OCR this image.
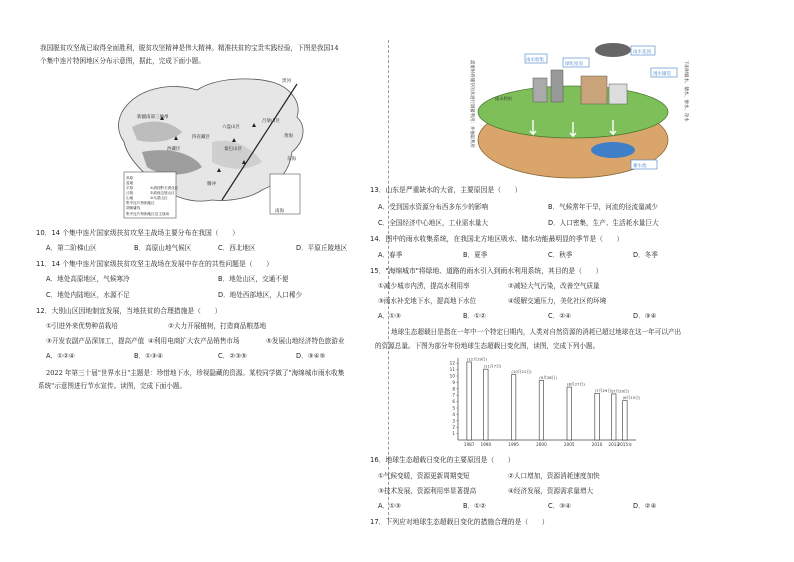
我国脱贫攻坚战已取得全面胜利，脱贫攻坚精神是伟大精神。精准扶贫的宝贵实践经验，下图是我国14
个集中连片特困地区分布示意图，据此，完成下面小题。
新疆南部三地州
西藏区
四省藏区
六盘山区
秦巴山区
吕梁山区
黑河
腾冲
黄海
东海
南海
高原
盆地
平原
丘陵
山地
集中连片特困地区
胡焕庸线
集中连片特困地区及主战场
①滇桂黔石漠化区
②滇西边境山区
③乌蒙山区
10．14 个集中连片国家级扶贫攻坚主战场主要分布在我国（　　）
A．第二阶梯山区	B．高原山地气候区	C．西北地区	D．平原丘陵地区
11．14 个集中连片国家级扶贫攻坚主战场在发展中存在的共性问题是（　　）
A．地处高原地区，气候寒冷	B．地处山区，交通不便
C．地处内陆地区，水源不足	D．地处西部地区，人口稀少
12．大别山区因地制宜发展，当地扶贫的合理措施是（　　）
①引进外来优势种苗栽培	②大力开展植树，打造商品粮基地
③开发农副产品深加工，提高产值 ④利用电商扩大农产品销售市场	⑤发展山地经济特色旅游业
A．①②④	B．①③④	C．②③⑤	D．③④⑤
2022 年第三十届"世界水日"主题是：珍惜地下水，珍视隐藏的资源。某校同学做了"海绵城市雨水收集
系统"示意图进行节水宣传。读图，完成下面小题。
雨水收集
绿化屋顶
透水铺装
雨水花园
蓄水池
雨水利用
需要时将储存的水进行调蓄利用：井抽取利用	下雨时吸水、储水、渗水、净水
13．山东是严重缺水的大省，主要原因是（　　）
A．受到国水资源分布西多东少的影响	B．气候常年干旱，河流的径流量减少
C．全国经济中心地区，工业需水量大	D．人口密集，生产、生活耗水量巨大
14．图中的雨水收集系统，在我国北方地区吸水、储水功能最明显的季节是（　　）
A．春季	B．夏季	C．秋季	D．冬季
15．"海绵城市"将绿地、道路的雨水引入到雨水利用系统，其目的是（　　）
①减少城市内涝，提高水利用率	②减轻大气污染，改善空气质量
③雨水补充地下水，提高地下水位	④缓解交通压力，美化社区的环境
A．①③	B．①②	C．②④	D．③④
地球生态超载日是指在一年中一个特定日期内，人类对自然资源的消耗已超过地球在这一年可以产出
的资源总量。下图为部分年份地球生态超载日变化图，读图，完成下列小题。
12
11
10
9
8
7
6
5
4
3
2
1
(12月19日)
(11月7日)
(10月21日)
(9月28日)
(8月27日)
(7月29日)
(7月20日)
(6月15日)
1987 1990	1995	2000	2005	2010 2013
2015年
16．地球生态超载日变化的主要原因是（　　）
①气候变暖，资源更新周期变短	②人口增加，资源消耗速度加快
③技术发展，资源利用率显著提高	④经济发展，资源需求量增大
A．①③	B．①②	C．③④	D．②④
17．下列应对地球生态超载日变化的措施合理的是（　　）
